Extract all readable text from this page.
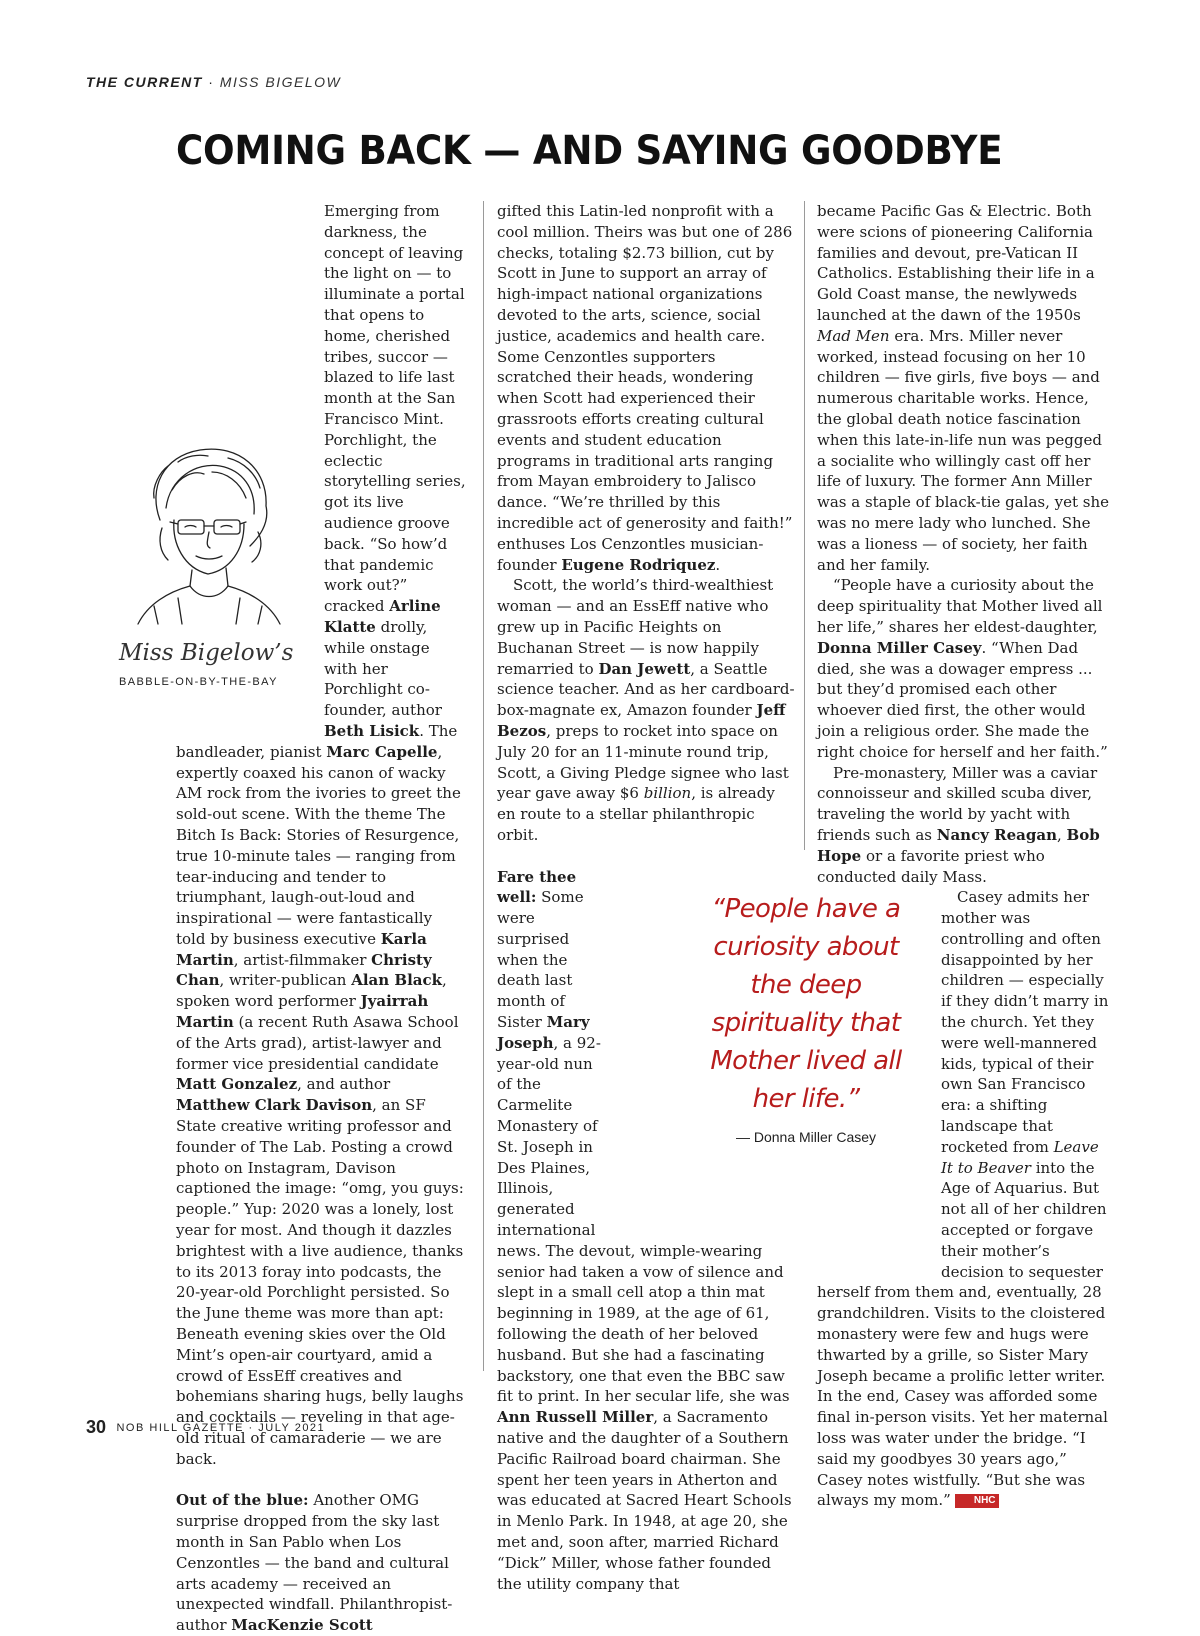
THE CURRENT · MISS BIGELOW
COMING BACK — AND SAYING GOODBYE
Miss Bigelow’s
BABBLE-ON-BY-THE-BAY

Emerging from darkness, the concept of leaving the light on — to illuminate a portal that opens to home, cherished tribes, succor — blazed to life last month at the San Francisco Mint. Porchlight, the eclectic storytelling series, got its live audience groove back. “So how’d that pandemic work out?” cracked Arline Klatte drolly, while onstage with her Porchlight co-founder, author Beth Lisick. The bandleader, pianist Marc Capelle, expertly coaxed his canon of wacky AM rock from the ivories to greet the sold-out scene. With the theme The Bitch Is Back: Stories of Resurgence, true 10-minute tales — ranging from tear-inducing and tender to triumphant, laugh-out-loud and inspirational — were fantastically told by business executive Karla Martin, artist-filmmaker Christy Chan, writer-publican Alan Black, spoken word performer Jyairrah Martin (a recent Ruth Asawa School of the Arts grad), artist-lawyer and former vice presidential candidate Matt Gonzalez, and author Matthew Clark Davison, an SF State creative writing professor and founder of The Lab. Posting a crowd photo on Instagram, Davison captioned the image: “omg, you guys: people.” Yup: 2020 was a lonely, lost year for most. And though it dazzles brightest with a live audience, thanks to its 2013 foray into podcasts, the 20-year-old Porchlight persisted. So the June theme was more than apt: Beneath evening skies over the Old Mint’s open-air courtyard, amid a crowd of EssEff creatives and bohemians sharing hugs, belly laughs and cocktails — reveling in that age-old ritual of camaraderie — we are back.

Out of the blue: Another OMG surprise dropped from the sky last month in San Pablo when Los Cenzontles — the band and cultural arts academy — received an unexpected windfall. Philanthropist-author MacKenzie Scott

gifted this Latin-led nonprofit with a cool million. Theirs was but one of 286 checks, totaling $2.73 billion, cut by Scott in June to support an array of high-impact national organizations devoted to the arts, science, social justice, academics and health care. Some Cenzontles supporters scratched their heads, wondering when Scott had experienced their grassroots efforts creating cultural events and student education programs in traditional arts ranging from Mayan embroidery to Jalisco dance. “We’re thrilled by this incredible act of generosity and faith!” enthuses Los Cenzontles musician-founder Eugene Rodriquez.

Scott, the world’s third-wealthiest woman — and an EssEff native who grew up in Pacific Heights on Buchanan Street — is now happily remarried to Dan Jewett, a Seattle science teacher. And as her cardboard-box-magnate ex, Amazon founder Jeff Bezos, preps to rocket into space on July 20 for an 11-minute round trip, Scott, a Giving Pledge signee who last year gave away $6 billion, is already en route to a stellar philanthropic orbit.

Fare thee well: Some were surprised when the death last month of Sister Mary Joseph, a 92-year-old nun of the Carmelite Monastery of St. Joseph in Des Plaines, Illinois, generated international news. The devout, wimple-wearing senior had taken a vow of silence and slept in a small cell atop a thin mat beginning in 1989, at the age of 61, following the death of her beloved husband. But she had a fascinating backstory, one that even the BBC saw fit to print. In her secular life, she was Ann Russell Miller, a Sacramento native and the daughter of a Southern Pacific Railroad board chairman. She spent her teen years in Atherton and was educated at Sacred Heart Schools in Menlo Park. In 1948, at age 20, she met and, soon after, married Richard “Dick” Miller, whose father founded the utility company that

became Pacific Gas & Electric. Both were scions of pioneering California families and devout, pre-Vatican II Catholics. Establishing their life in a Gold Coast manse, the newlyweds launched at the dawn of the 1950s Mad Men era. Mrs. Miller never worked, instead focusing on her 10 children — five girls, five boys — and numerous charitable works. Hence, the global death notice fascination when this late-in-life nun was pegged a socialite who willingly cast off her life of luxury. The former Ann Miller was a staple of black-tie galas, yet she was no mere lady who lunched. She was a lioness — of society, her faith and her family.

“People have a curiosity about the deep spirituality that Mother lived all her life,” shares her eldest-daughter, Donna Miller Casey. “When Dad died, she was a dowager empress ... but they’d promised each other whoever died first, the other would join a religious order. She made the right choice for herself and her faith.”

Pre-monastery, Miller was a caviar connoisseur and skilled scuba diver, traveling the world by yacht with friends such as Nancy Reagan, Bob Hope or a favorite priest who conducted daily Mass.

Casey admits her mother was controlling and often disappointed by her children — especially if they didn’t marry in the church. Yet they were well-mannered kids, typical of their own San Francisco era: a shifting landscape that rocketed from Leave It to Beaver into the Age of Aquarius. But not all of her children accepted or forgave their mother’s decision to sequester herself from them and, eventually, 28 grandchildren. Visits to the cloistered monastery were few and hugs were thwarted by a grille, so Sister Mary Joseph became a prolific letter writer. In the end, Casey was afforded some final in-person visits. Yet her maternal loss was water under the bridge. “I said my goodbyes 30 years ago,” Casey notes wistfully. “But she was always my mom.” NHC

“People have a curiosity about the deep spirituality that Mother lived all her life.”
— Donna Miller Casey
30 NOB HILL GAZETTE · JULY 2021
